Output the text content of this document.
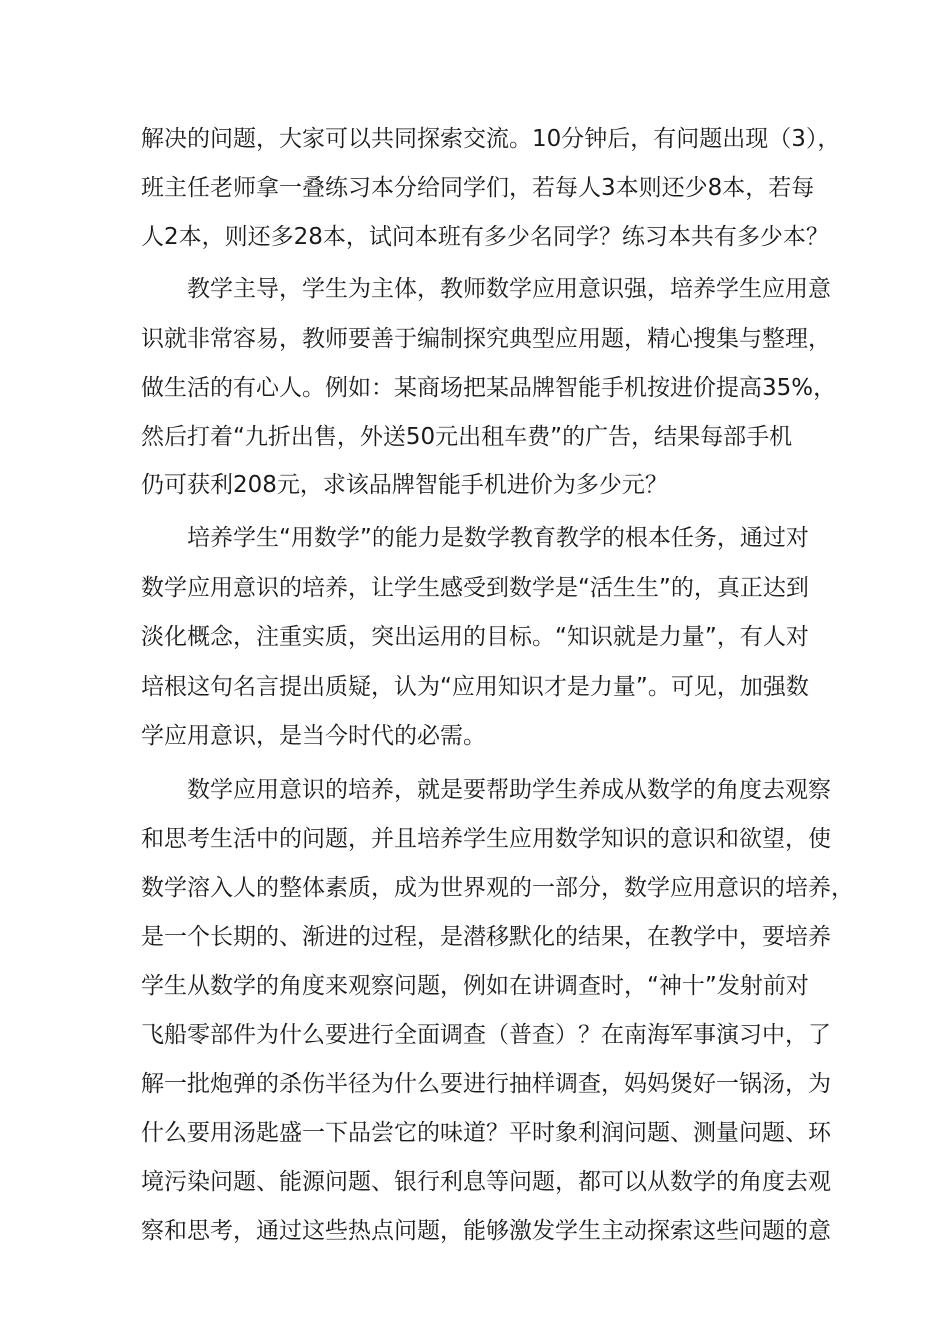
解决的问题，大家可以共同探索交流。10分钟后，有问题出现（3），
班主任老师拿一叠练习本分给同学们，若每人3本则还少8本，若每
人2本，则还多28本，试问本班有多少名同学？练习本共有多少本？
　　教学主导，学生为主体，教师数学应用意识强，培养学生应用意
识就非常容易，教师要善于编制探究典型应用题，精心搜集与整理，
做生活的有心人。例如：某商场把某品牌智能手机按进价提高35%，
然后打着“九折出售，外送50元出租车费”的广告，结果每部手机
仍可获利208元，求该品牌智能手机进价为多少元？
　　培养学生“用数学”的能力是数学教育教学的根本任务，通过对
数学应用意识的培养，让学生感受到数学是“活生生”的，真正达到
淡化概念，注重实质，突出运用的目标。“知识就是力量”，有人对
培根这句名言提出质疑，认为“应用知识才是力量”。可见，加强数
学应用意识，是当今时代的必需。
　　数学应用意识的培养，就是要帮助学生养成从数学的角度去观察
和思考生活中的问题，并且培养学生应用数学知识的意识和欲望，使
数学溶入人的整体素质，成为世界观的一部分，数学应用意识的培养，
是一个长期的、渐进的过程，是潜移默化的结果，在教学中，要培养
学生从数学的角度来观察问题，例如在讲调查时，“神十”发射前对
飞船零部件为什么要进行全面调查（普查）？在南海军事演习中，了
解一批炮弹的杀伤半径为什么要进行抽样调查，妈妈煲好一锅汤，为
什么要用汤匙盛一下品尝它的味道？平时象利润问题、测量问题、环
境污染问题、能源问题、银行利息等问题，都可以从数学的角度去观
察和思考，通过这些热点问题，能够激发学生主动探索这些问题的意
